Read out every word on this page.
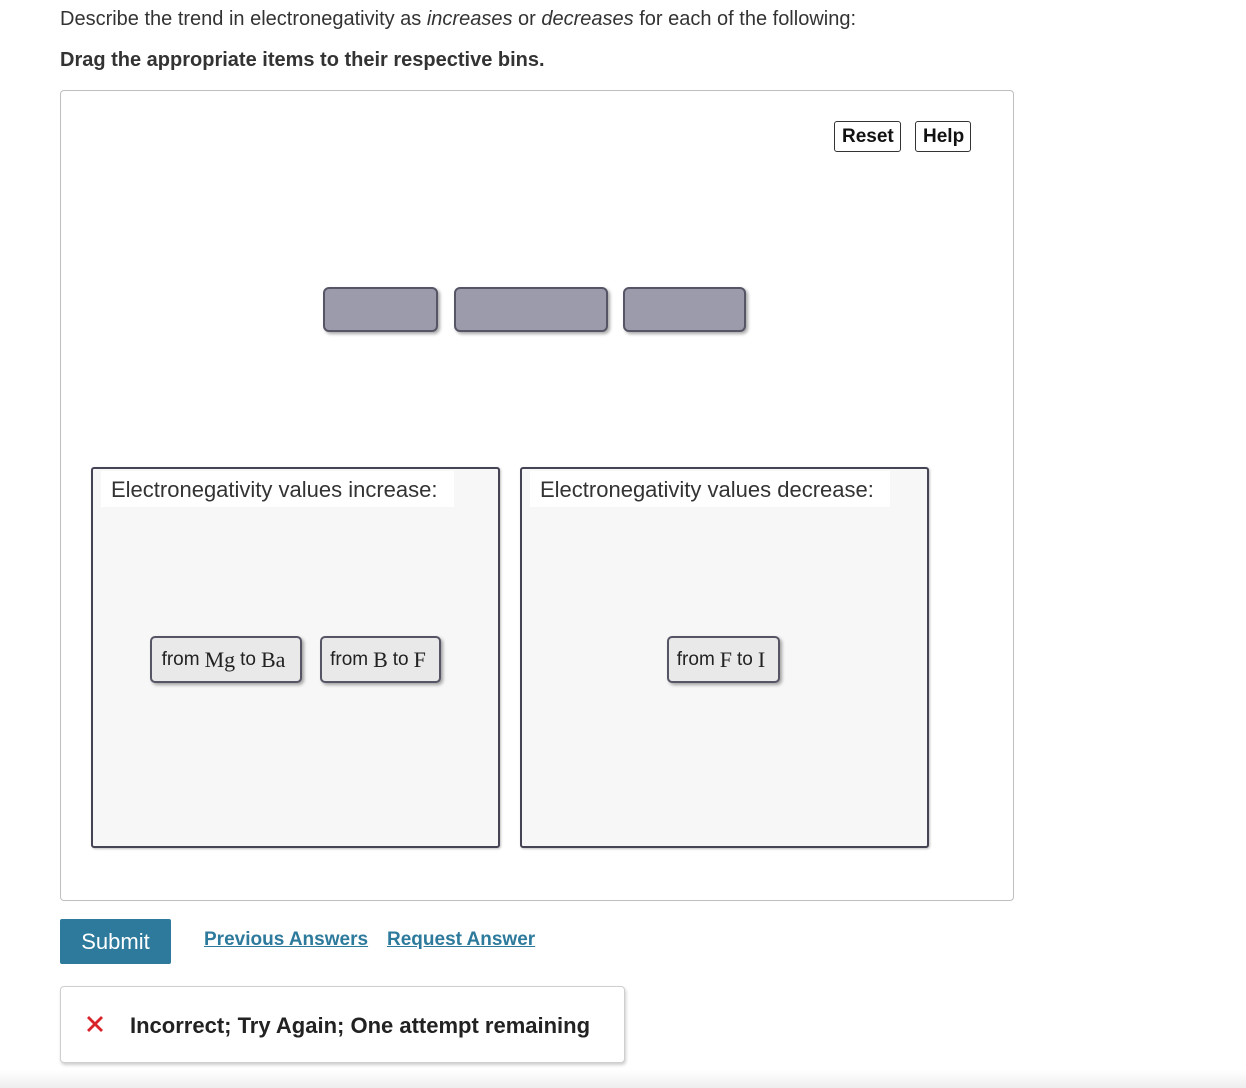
Describe the trend in electronegativity as increases or decreases for each of the following:
Drag the appropriate items to their respective bins.
Reset	Help
Electronegativity values increase:
from Mg to Ba from B to F
Electronegativity values decrease:
from F to I
Submit	Previous Answers Request Answer
Incorrect; Try Again; One attempt remaining
